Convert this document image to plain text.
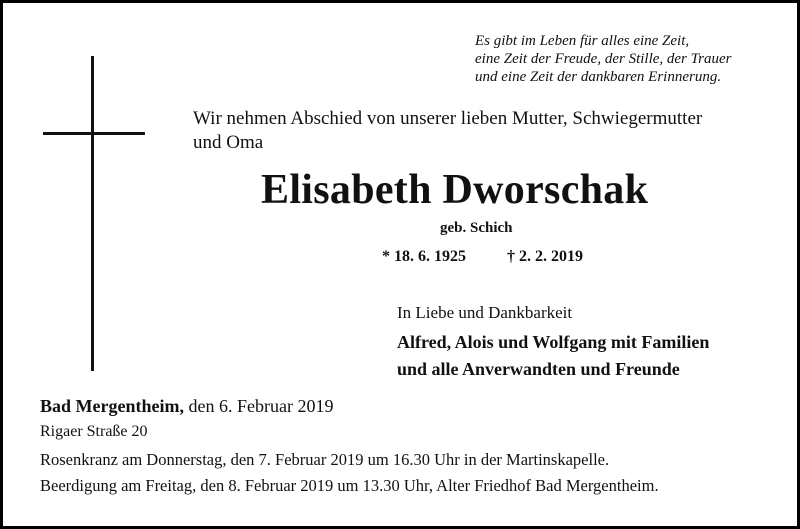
Es gibt im Leben für alles eine Zeit,
eine Zeit der Freude, der Stille, der Trauer
und eine Zeit der dankbaren Erinnerung.
Wir nehmen Abschied von unserer lieben Mutter, Schwiegermutter
und Oma
Elisabeth Dworschak
geb. Schich
* 18. 6. 1925	† 2. 2. 2019
In Liebe und Dankbarkeit
Alfred, Alois und Wolfgang mit Familien
und alle Anverwandten und Freunde
Bad Mergentheim, den 6. Februar 2019
Rigaer Straße 20
Rosenkranz am Donnerstag, den 7. Februar 2019 um 16.30 Uhr in der Martinskapelle.
Beerdigung am Freitag, den 8. Februar 2019 um 13.30 Uhr, Alter Friedhof Bad Mergentheim.
